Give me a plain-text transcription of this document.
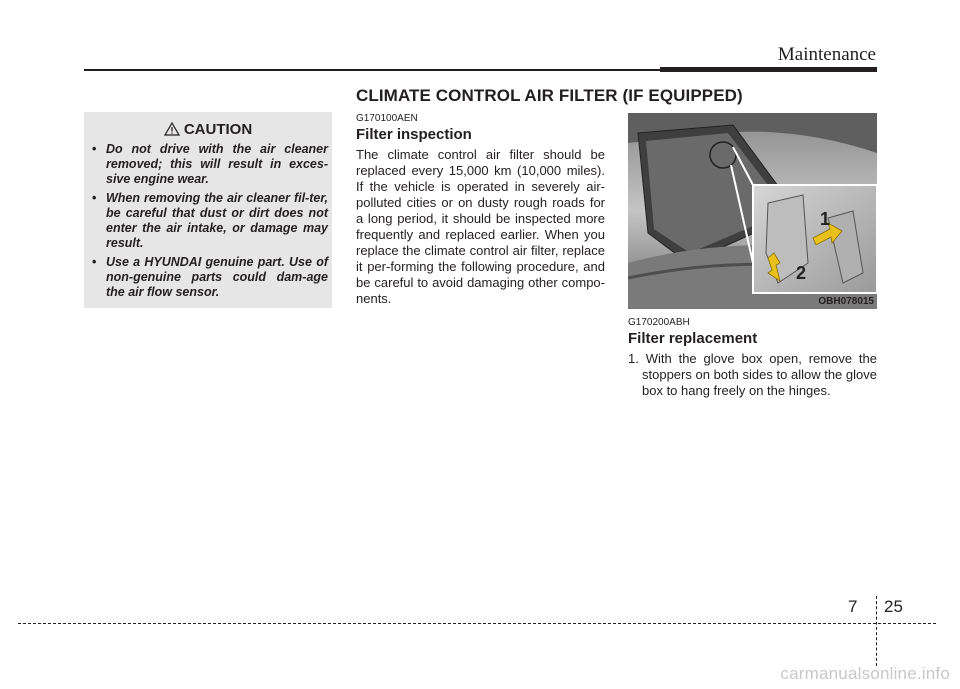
Maintenance
CLIMATE CONTROL AIR FILTER (IF EQUIPPED)
CAUTION
• Do not drive with the air cleaner removed; this will result in exces-sive engine wear.
• When removing the air cleaner fil-ter, be careful that dust or dirt does not enter the air intake, or damage may result.
• Use a HYUNDAI genuine part. Use of non-genuine parts could dam-age the air flow sensor.
G170100AEN
Filter inspection
The climate control air filter should be replaced every 15,000 km (10,000 miles). If the vehicle is operated in severely air-polluted cities or on dusty rough roads for a long period, it should be inspected more frequently and replaced earlier. When you replace the climate control air filter, replace it per-forming the following procedure, and be careful to avoid damaging other compo-nents.
1
2
OBH078015
G170200ABH
Filter replacement
1. With the glove box open, remove the stoppers on both sides to allow the glove box to hang freely on the hinges.
7 25
carmanualsonline.info
